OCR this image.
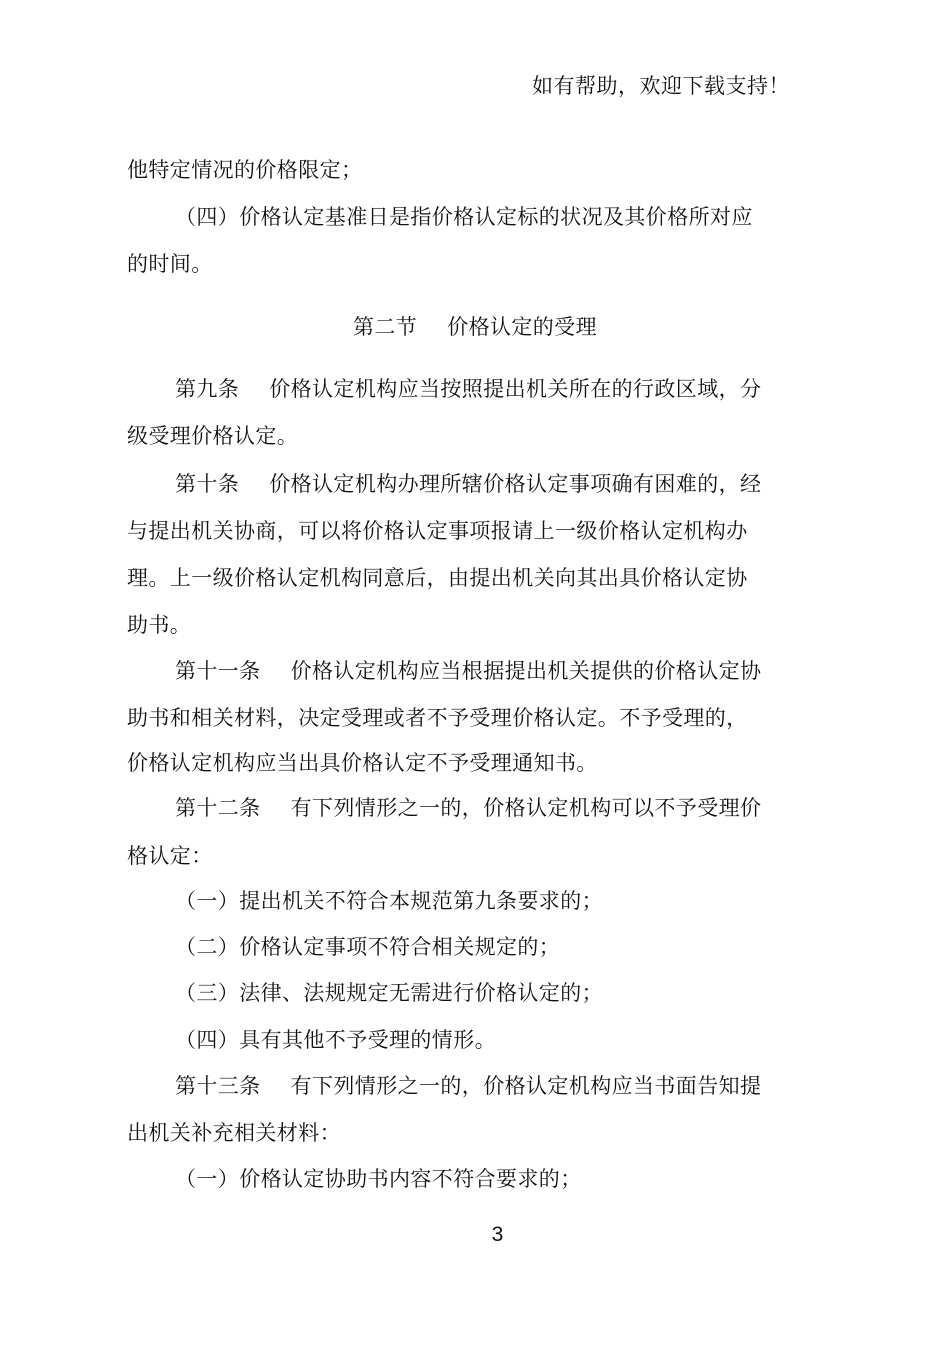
如有帮助，欢迎下载支持！
他特定情况的价格限定；
（四）价格认定基准日是指价格认定标的状况及其价格所对应
的时间。
第二节 价格认定的受理
第九条 价格认定机构应当按照提出机关所在的行政区域，分
级受理价格认定。
第十条 价格认定机构办理所辖价格认定事项确有困难的，经
与提出机关协商，可以将价格认定事项报请上一级价格认定机构办
理。上一级价格认定机构同意后，由提出机关向其出具价格认定协
助书。
第十一条 价格认定机构应当根据提出机关提供的价格认定协
助书和相关材料，决定受理或者不予受理价格认定。不予受理的，
价格认定机构应当出具价格认定不予受理通知书。
第十二条 有下列情形之一的，价格认定机构可以不予受理价
格认定：
（一）提出机关不符合本规范第九条要求的；
（二）价格认定事项不符合相关规定的；
（三）法律、法规规定无需进行价格认定的；
（四）具有其他不予受理的情形。
第十三条 有下列情形之一的，价格认定机构应当书面告知提
出机关补充相关材料：
（一）价格认定协助书内容不符合要求的；
3
